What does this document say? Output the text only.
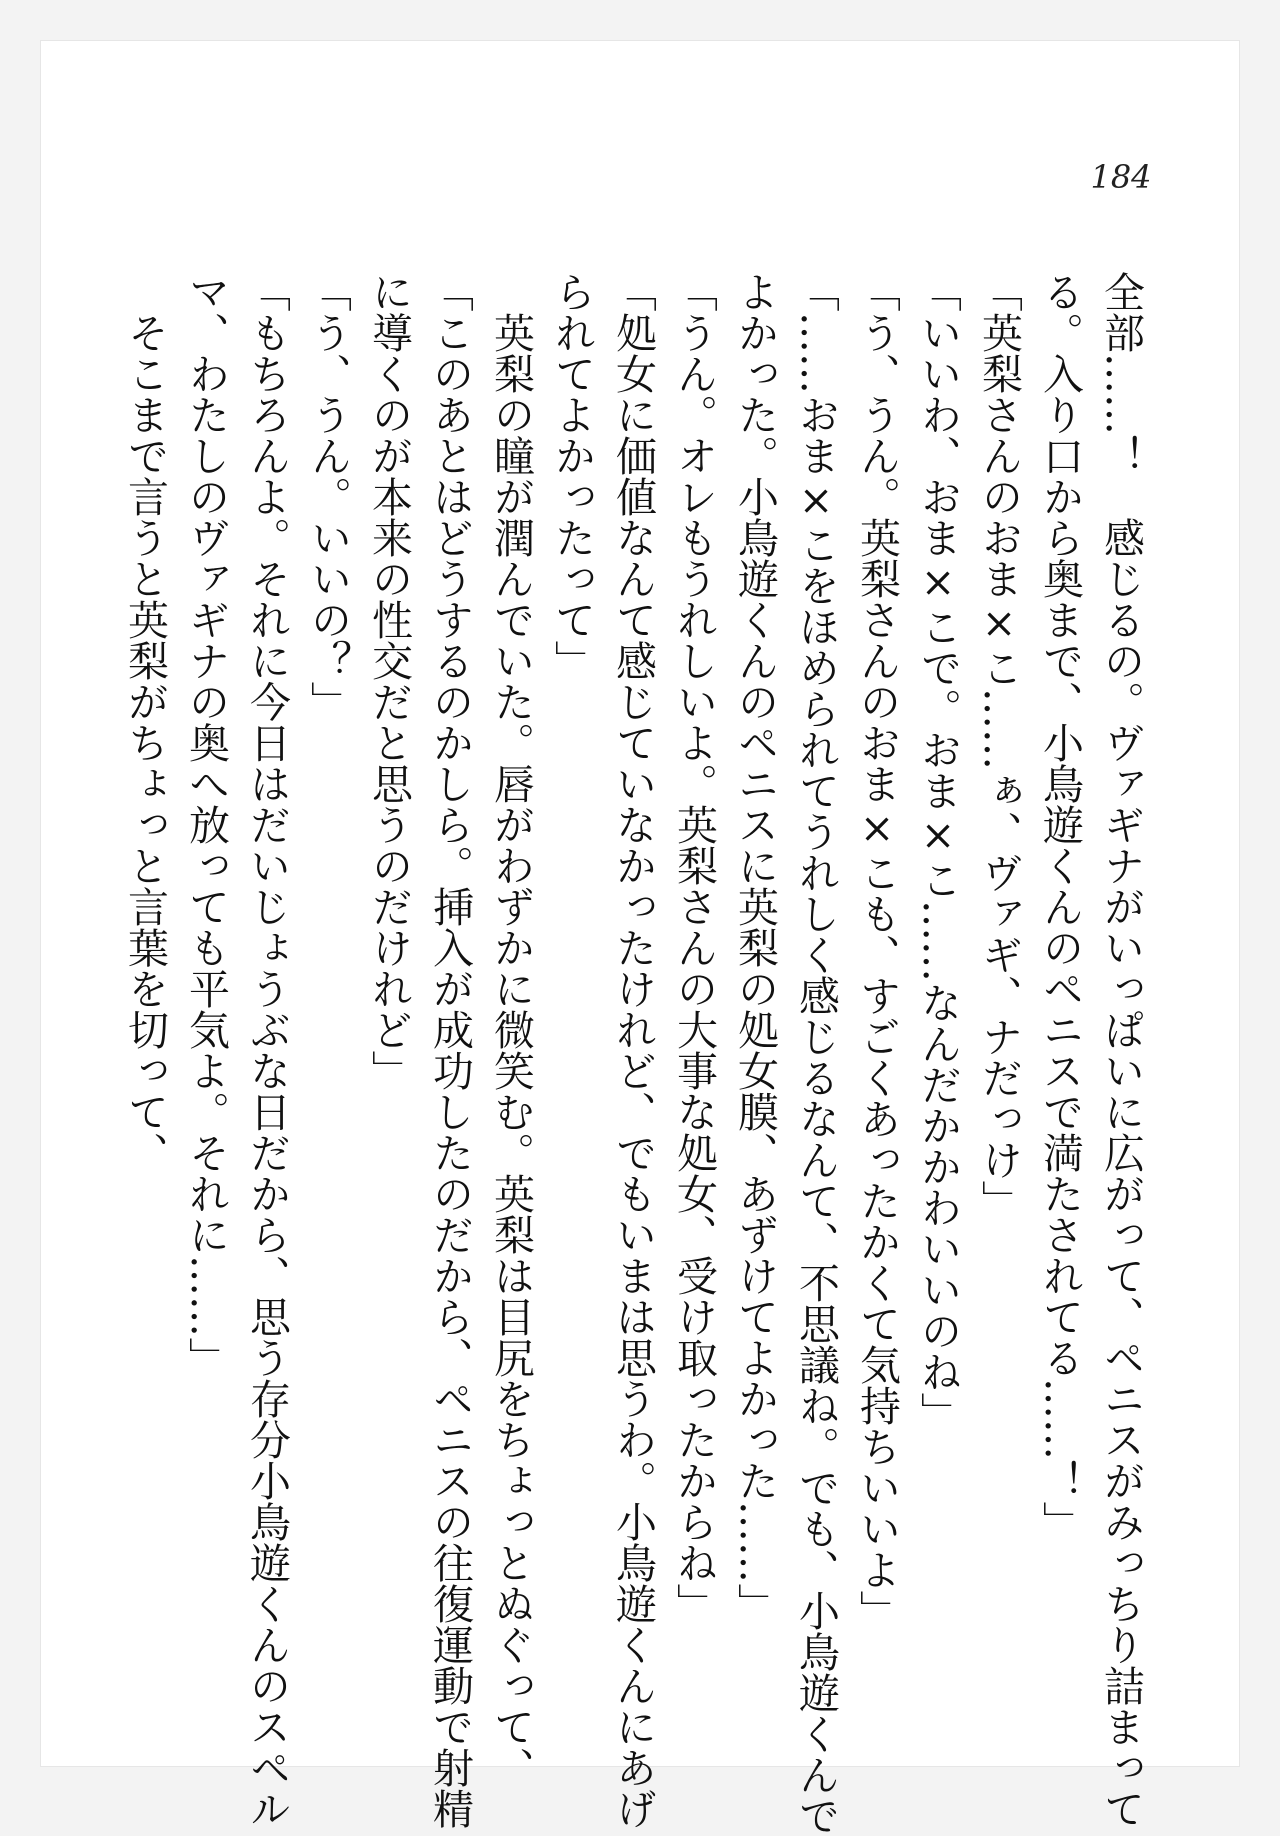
184

全部……！　感じるの。ヴァギナがいっぱいに広がって、ペニスがみっちり詰まって

る。入り口から奥まで、小鳥遊くんのペニスで満たされてる……！」

「英梨さんのおま×こ……ぁ、ヴァギ、ナだっけ」

「いいわ、おま×こで。おま×こ……なんだかかわいいのね」

「う、うん。英梨さんのおま×こも、すごくあったかくて気持ちいいよ」

「……おま×こをほめられてうれしく感じるなんて、不思議ね。でも、小鳥遊くんで

よかった。小鳥遊くんのペニスに英梨の処女膜、あずけてよかった……」

「うん。オレもうれしいよ。英梨さんの大事な処女、受け取ったからね」

「処女に価値なんて感じていなかったけれど、でもいまは思うわ。小鳥遊くんにあげ

られてよかったって」

　英梨の瞳が潤んでいた。唇がわずかに微笑む。英梨は目尻をちょっとぬぐって、

「このあとはどうするのかしら。挿入が成功したのだから、ペニスの往復運動で射精

に導くのが本来の性交だと思うのだけれど」

「う、うん。いいの？」

「もちろんよ。それに今日はだいじょうぶな日だから、思う存分小鳥遊くんのスペル

マ、わたしのヴァギナの奥へ放っても平気よ。それに……」

　そこまで言うと英梨がちょっと言葉を切って、
